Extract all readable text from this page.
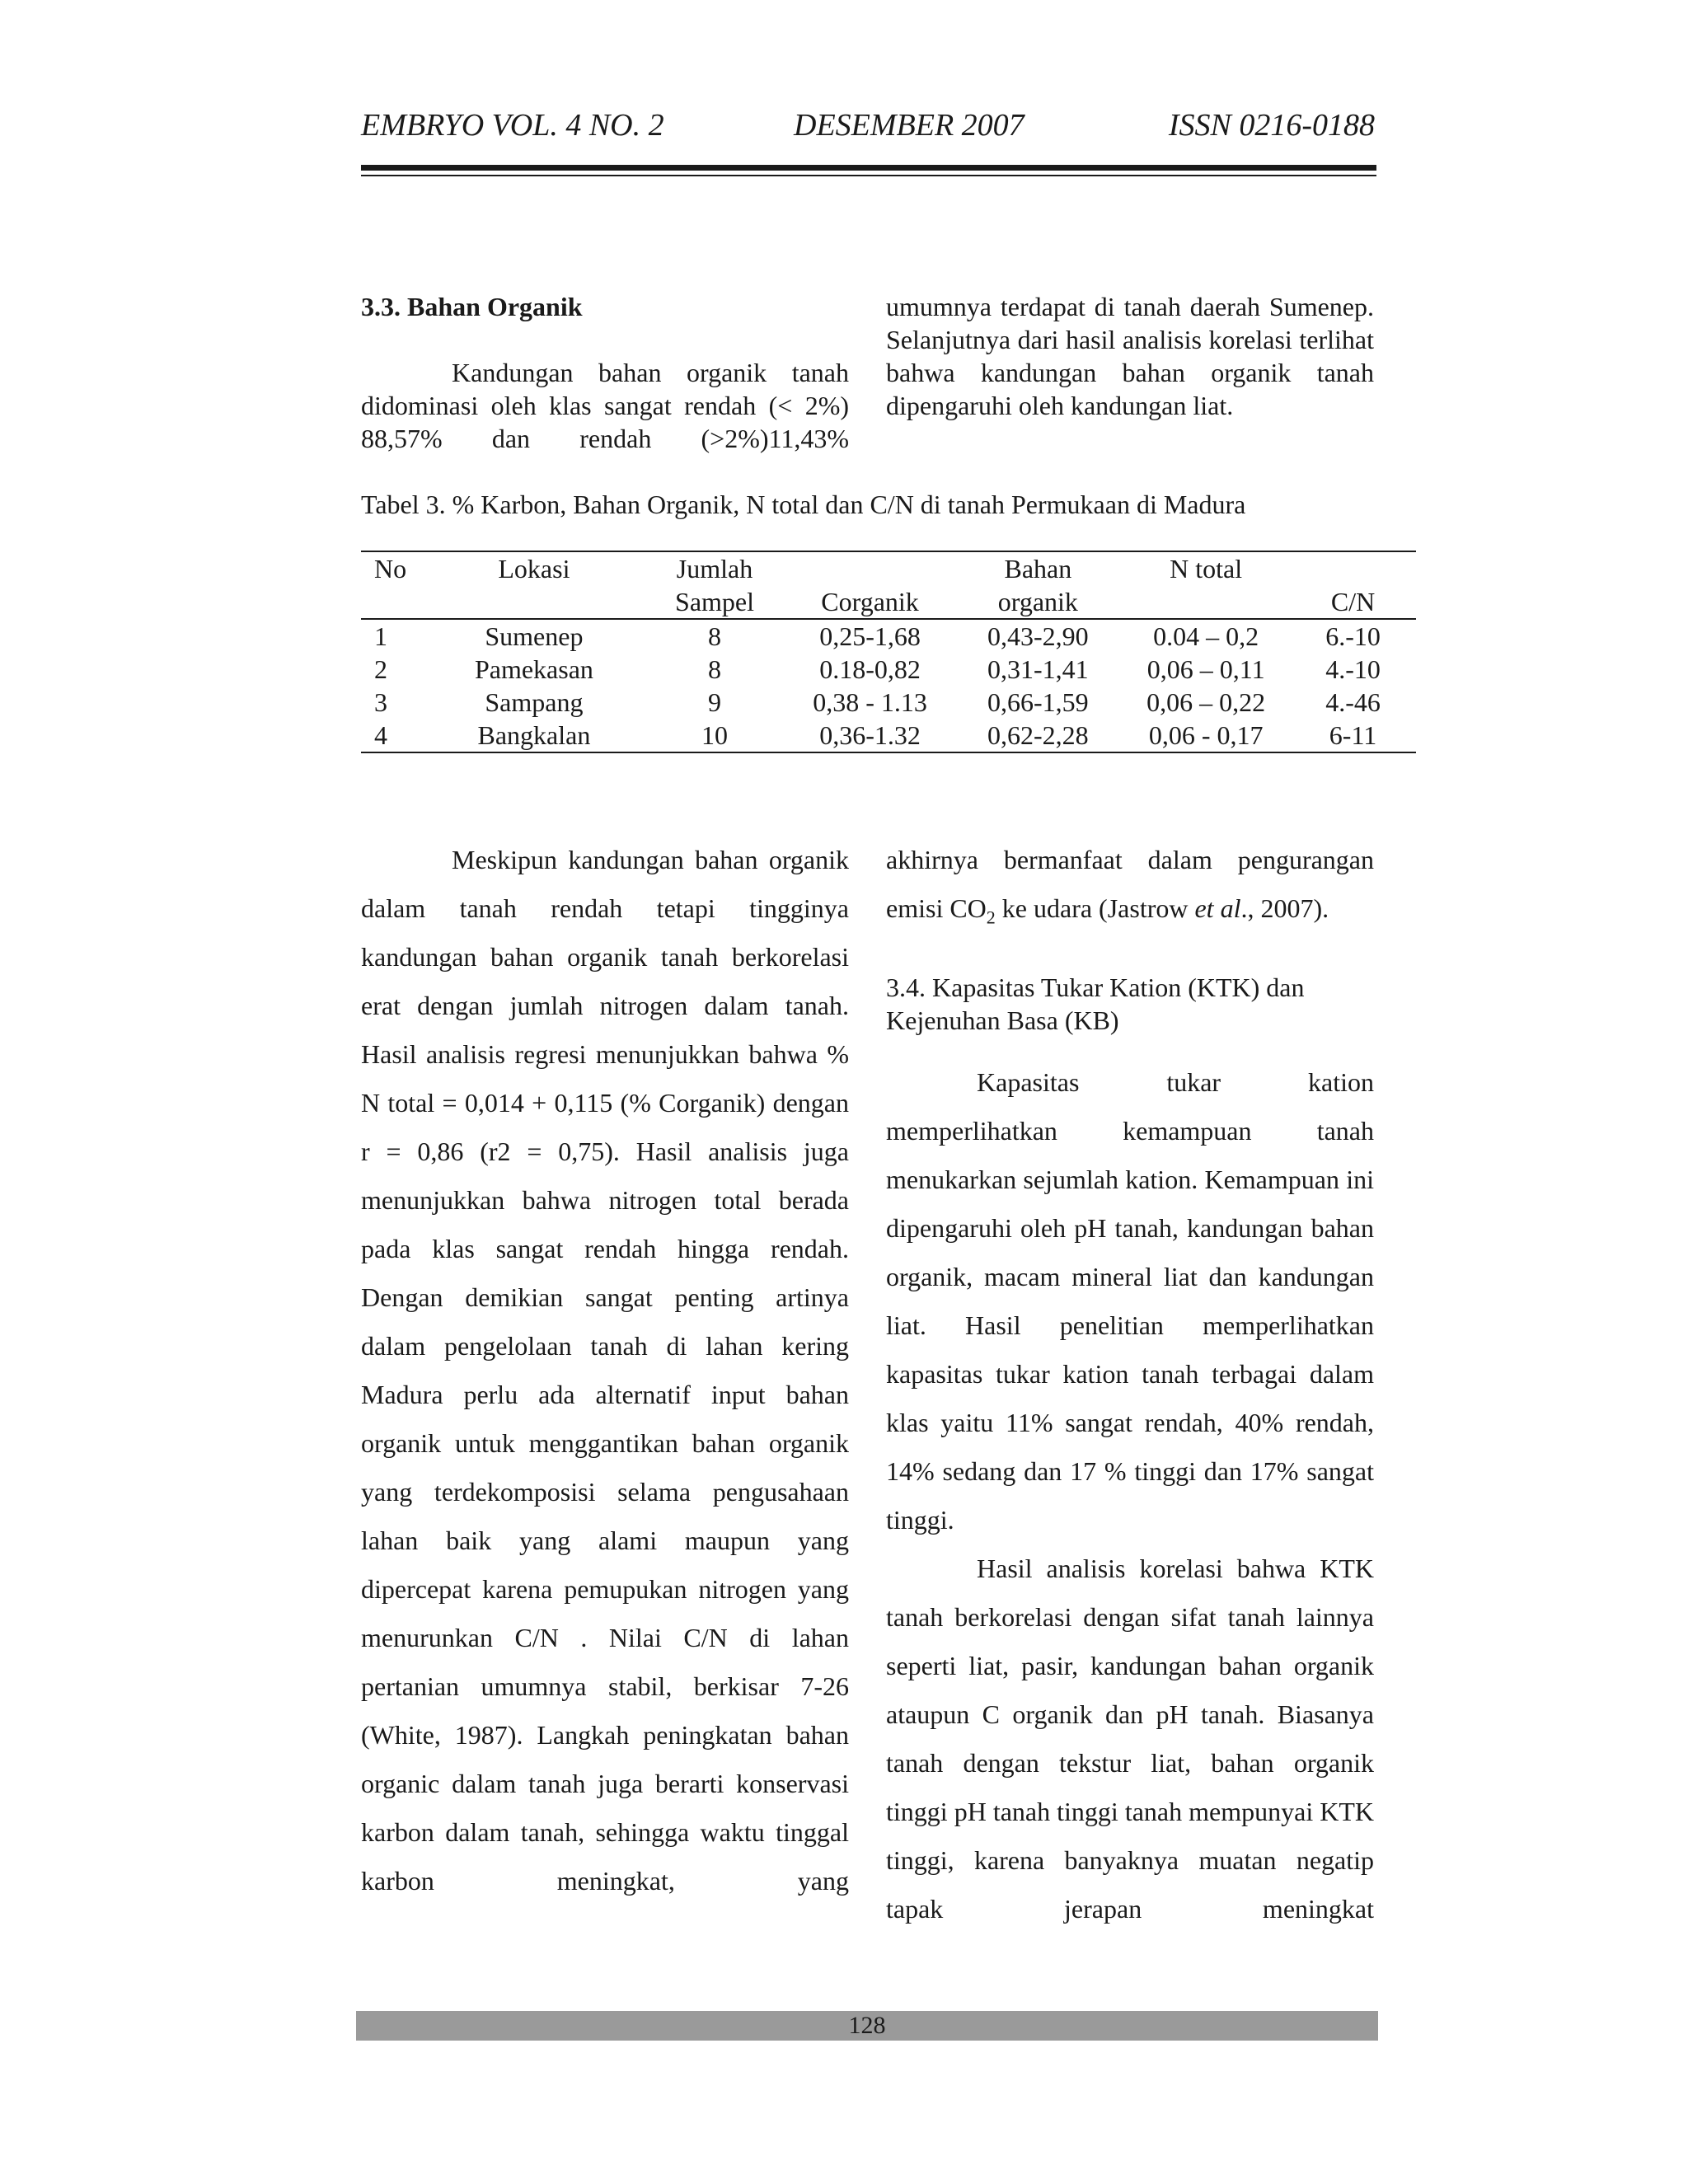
EMBRYO VOL. 4 NO. 2	DESEMBER 2007	ISSN 0216-0188

3.3. Bahan Organik

Kandungan bahan organik tanah didominasi oleh klas sangat rendah (< 2%) 88,57% dan rendah (>2%)11,43%

umumnya terdapat di tanah daerah Sumenep. Selanjutnya dari hasil analisis korelasi terlihat bahwa kandungan bahan organik tanah dipengaruhi oleh kandungan liat.

Tabel 3. % Karbon, Bahan Organik, N total dan C/N di tanah Permukaan di Madura
No	Lokasi	Jumlah		Bahan	N total	
		Sampel	Corganik	organik		C/N
1	Sumenep	8	0,25-1,68	0,43-2,90	0.04 – 0,2	6.-10
2	Pamekasan	8	0.18-0,82	0,31-1,41	0,06 – 0,11	4.-10
3	Sampang	9	0,38 - 1.13	0,66-1,59	0,06 – 0,22	4.-46
4	Bangkalan	10	0,36-1.32	0,62-2,28	0,06 - 0,17	6-11

Meskipun kandungan bahan organik dalam tanah rendah tetapi tingginya kandungan bahan organik tanah berkorelasi erat dengan jumlah nitrogen dalam tanah. Hasil analisis regresi menunjukkan bahwa % N total = 0,014 + 0,115 (% Corganik) dengan r = 0,86 (r2 = 0,75). Hasil analisis juga menunjukkan bahwa nitrogen total berada pada klas sangat rendah hingga rendah. Dengan demikian sangat penting artinya dalam pengelolaan tanah di lahan kering Madura perlu ada alternatif input bahan organik untuk menggantikan bahan organik yang terdekomposisi selama pengusahaan lahan baik yang alami maupun yang dipercepat karena pemupukan nitrogen yang menurunkan C/N . Nilai C/N di lahan pertanian umumnya stabil, berkisar 7-26 (White, 1987). Langkah peningkatan bahan organic dalam tanah juga berarti konservasi karbon dalam tanah, sehingga waktu tinggal karbon meningkat, yang

akhirnya bermanfaat dalam pengurangan emisi $CO_2$ ke udara (Jastrow et al., 2007).

3.4. Kapasitas Tukar Kation (KTK) dan Kejenuhan Basa (KB)

Kapasitas tukar kation memperlihatkan kemampuan tanah menukarkan sejumlah kation. Kemampuan ini dipengaruhi oleh pH tanah, kandungan bahan organik, macam mineral liat dan kandungan liat. Hasil penelitian memperlihatkan kapasitas tukar kation tanah terbagai dalam klas yaitu 11% sangat rendah, 40% rendah, 14% sedang dan 17 % tinggi dan 17% sangat tinggi.

Hasil analisis korelasi bahwa KTK tanah berkorelasi dengan sifat tanah lainnya seperti liat, pasir, kandungan bahan organik ataupun C organik dan pH tanah. Biasanya tanah dengan tekstur liat, bahan organik tinggi pH tanah tinggi tanah mempunyai KTK tinggi, karena banyaknya muatan negatip tapak jerapan meningkat

128
